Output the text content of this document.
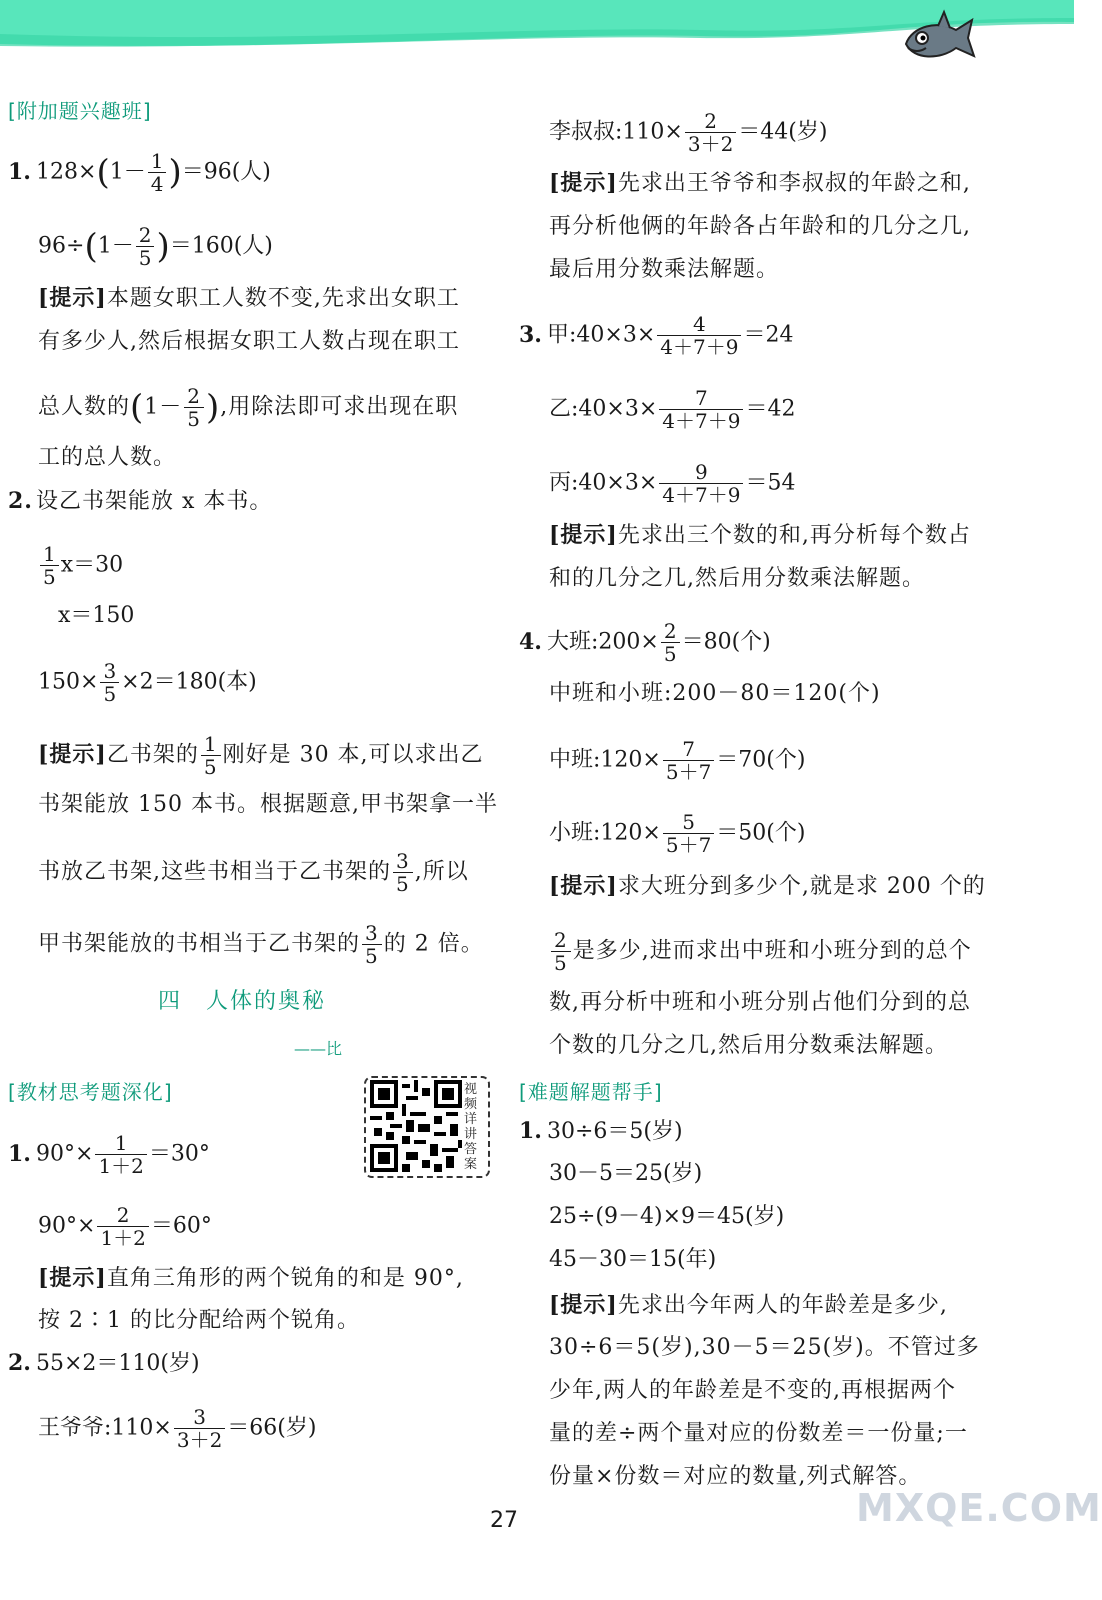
[附加题兴趣班]
1. $128\times(1- \frac{1}{4} )=96$(人)
$96\div(1- \frac{2}{5} )=160$(人)
[提示]本题女职工人数不变,先求出女职工
有多少人,然后根据女职工人数占现在职工
总人数的($1- \frac{2}{5}$ ),用除法即可求出现在职
工的总人数。
2. 设乙书架能放 x 本书。
$\frac{1}{5} x=30$
x＝150
$150\times \frac{3}{5} \times 2=180$(本)
[提示]乙书架的 $\frac{1}{5}$ 刚好是 30 本,可以求出乙
书架能放 150 本书。根据题意,甲书架拿一半
书放乙书架,这些书相当于乙书架的 $\frac{3}{5}$ ,所以
甲书架能放的书相当于乙书架的 $\frac{3}{5}$ 的 2 倍。
四　人体的奥秘
——比
[教材思考题深化]
1. $90^\circ\times \frac{1}{1+2} =30^\circ$
$90^\circ\times \frac{2}{1+2} =60^\circ$
[提示]直角三角形的两个锐角的和是 90°,
按 2∶1 的比分配给两个锐角。
2. 55×2＝110(岁)
王爷爷:110× $\frac{3}{3+2} =66$(岁)
视频详讲答案
李叔叔:110× $\frac{2}{3+2} =44$(岁)
[提示]先求出王爷爷和李叔叔的年龄之和,
再分析他俩的年龄各占年龄和的几分之几,
最后用分数乘法解题。
3. 甲:40×3× $\frac{4}{4+7+9} =24$
乙:40×3× $\frac{7}{4+7+9} =42$
丙:40×3× $\frac{9}{4+7+9} =54$
[提示]先求出三个数的和,再分析每个数占
和的几分之几,然后用分数乘法解题。
4. 大班:200× $\frac{2}{5} =80$(个)
中班和小班:200－80＝120(个)
中班:120× $\frac{7}{5+7} =70$(个)
小班:120× $\frac{5}{5+7} =50$(个)
[提示]求大班分到多少个,就是求 200 个的
$\frac{2}{5}$ 是多少,进而求出中班和小班分到的总个
数,再分析中班和小班分别占他们分到的总
个数的几分之几,然后用分数乘法解题。
[难题解题帮手]
1. 30÷6＝5(岁)
30－5＝25(岁)
25÷(9－4)×9＝45(岁)
45－30＝15(年)
[提示]先求出今年两人的年龄差是多少,
30÷6＝5(岁),30－5＝25(岁)。不管过多
少年,两人的年龄差是不变的,再根据两个
量的差÷两个量对应的份数差＝一份量;一
份量×份数＝对应的数量,列式解答。
27	MXQE.COM
